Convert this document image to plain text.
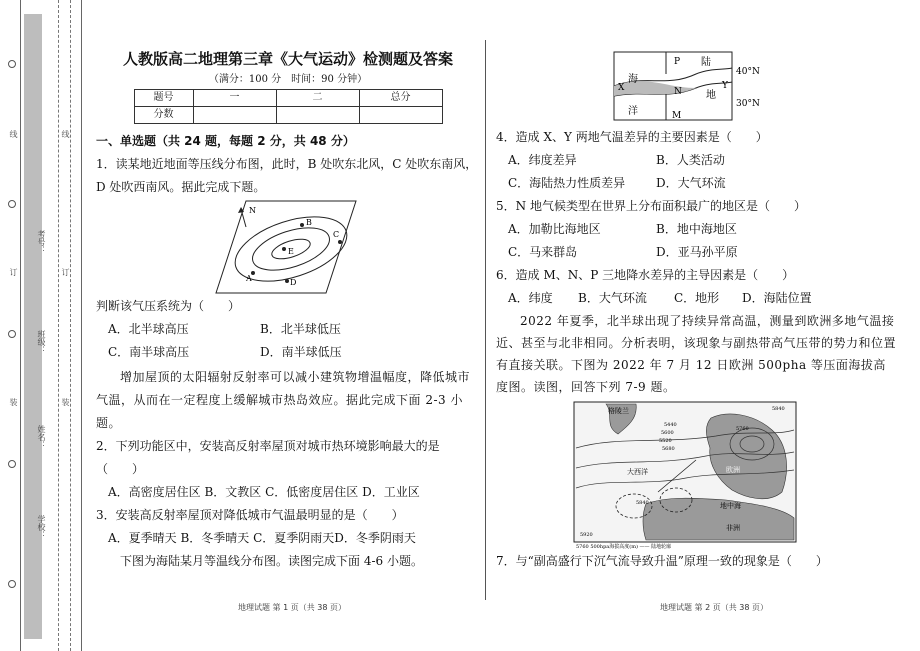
线
订
装
线
订
装
考号：
班级：
姓名：
学校：

人教版高二地理第三章《大气运动》检测题及答案

（满分：100 分　时间：90 分钟）

题号	一	二	总分
分数			

一、单选题（共 24 题，每题 2 分，共 48 分）

1．读某地近地面等压线分布图，此时，B 处吹东北风，C 处吹东南风，D 处吹西南风。据此完成下题。

N
E
B
C
D
A

判断该气压系统为（　　）

A．北半球高压	B．北半球低压

C．南半球高压	D．南半球低压

增加屋顶的太阳辐射反射率可以减小建筑物增温幅度，降低城市气温，从而在一定程度上缓解城市热岛效应。据此完成下面 2-3 小题。

2．下列功能区中，安装高反射率屋顶对城市热环境影响最大的是（　　）

A．高密度居住区 B．文教区 C．低密度居住区 D．工业区

3．安装高反射率屋顶对降低城市气温最明显的是（　　）

A．夏季晴天 B．冬季晴天 C．夏季阴雨天D．冬季阴雨天

下图为海陆某月等温线分布图。读图完成下面 4-6 小题。

地理试题 第 1 页（共 38 页）
P 陆
X
海
N 地
Y
洋	M
40°N
30°N

4．造成 X、Y 两地气温差异的主要因素是（　　）

A．纬度差异	B．人类活动

C．海陆热力性质差异	D．大气环流

5．N 地气候类型在世界上分布面积最广的地区是（　　）

A．加勒比海地区	B．地中海地区

C．马来群岛	D．亚马孙平原

6．造成 M、N、P 三地降水差异的主导因素是（　　）

A．纬度 B．大气环流 C．地形 D．海陆位置

2022 年夏季，北半球出现了持续异常高温，测量到欧洲多地气温接近、甚至与北非相同。分析表明，该现象与副热带高气压带的势力和位置有直接关联。下图为 2022 年 7 月 12 日欧洲 500pha 等压面海拔高度图。读图，回答下列 7-9 题。

格陵兰
大西洋	欧洲
地中海
非洲
5840
5760
5840
5600
5440
5520
5920
5680
5760 500hpa海拔高度(m) —— 陆地轮廓

7．与“副高盛行下沉气流导致升温”原理一致的现象是（　　）

地理试题 第 2 页（共 38 页）
